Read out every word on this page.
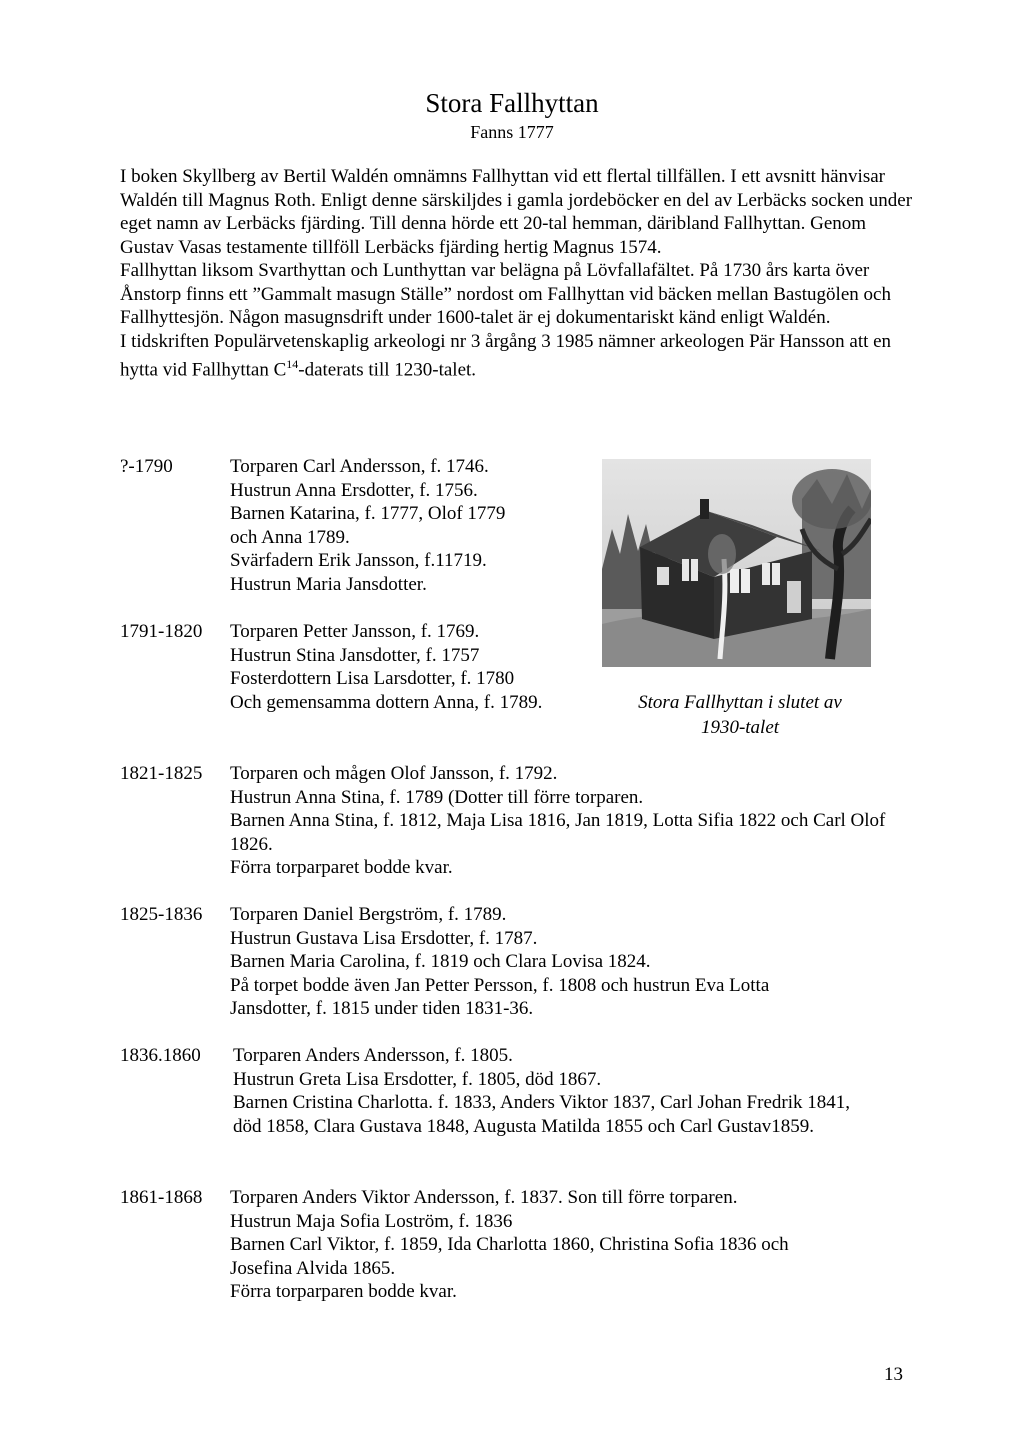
Stora Fallhyttan
Fanns 1777

I boken Skyllberg av Bertil Waldén omnämns Fallhyttan vid ett flertal tillfällen. I ett avsnitt hänvisar Waldén till Magnus Roth. Enligt denne särskiljdes i gamla jordeböcker en del av Lerbäcks socken under eget namn av Lerbäcks fjärding. Till denna hörde ett 20-tal hemman, däribland Fallhyttan. Genom Gustav Vasas testamente tillföll Lerbäcks fjärding hertig Magnus 1574.

Fallhyttan liksom Svarthyttan och Lunthyttan var belägna på Lövfallafältet. På 1730 års karta över Ånstorp finns ett ”Gammalt masugn Ställe” nordost om Fallhyttan vid bäcken mellan Bastugölen och Fallhyttesjön. Någon masugnsdrift under 1600-talet är ej dokumentariskt känd enligt Waldén.

I tidskriften Populärvetenskaplig arkeologi nr 3 årgång 3 1985 nämner arkeologen Pär Hansson att en hytta vid Fallhyttan $C^{14}$-daterats till 1230-talet.

?-1790	Torparen Carl Andersson, f. 1746.
Hustrun Anna Ersdotter, f. 1756.
Barnen Katarina, f. 1777, Olof 1779
och Anna 1789.
Svärfadern Erik Jansson, f.11719.
Hustrun Maria Jansdotter.
1791-1820 Torparen Petter Jansson, f. 1769.
Hustrun Stina Jansdotter, f. 1757
Fosterdottern Lisa Larsdotter, f. 1780
Och gemensamma dottern Anna, f. 1789.
1821-1825 Torparen och mågen Olof Jansson, f. 1792.
Hustrun Anna Stina, f. 1789 (Dotter till förre torparen.
Barnen Anna Stina, f. 1812, Maja Lisa 1816, Jan 1819, Lotta Sifia 1822 och Carl Olof 1826.
Förra torparparet bodde kvar.
1825-1836 Torparen Daniel Bergström, f. 1789.
Hustrun Gustava Lisa Ersdotter, f. 1787.
Barnen Maria Carolina, f. 1819 och Clara Lovisa 1824.
På torpet bodde även Jan Petter Persson, f. 1808 och hustrun Eva Lotta Jansdotter, f. 1815 under tiden 1831-36.
1836.1860 Torparen Anders Andersson, f. 1805.
Hustrun Greta Lisa Ersdotter, f. 1805, död 1867.
Barnen Cristina Charlotta. f. 1833, Anders Viktor 1837, Carl Johan Fredrik 1841, död 1858, Clara Gustava 1848, Augusta Matilda 1855 och Carl Gustav1859.
1861-1868 Torparen Anders Viktor Andersson, f. 1837. Son till förre torparen.
Hustrun Maja Sofia Loström, f. 1836
Barnen Carl Viktor, f. 1859, Ida Charlotta 1860, Christina Sofia 1836 och Josefina Alvida 1865.
Förra torparparen bodde kvar.
Stora Fallhyttan i slutet av
1930-talet
13
